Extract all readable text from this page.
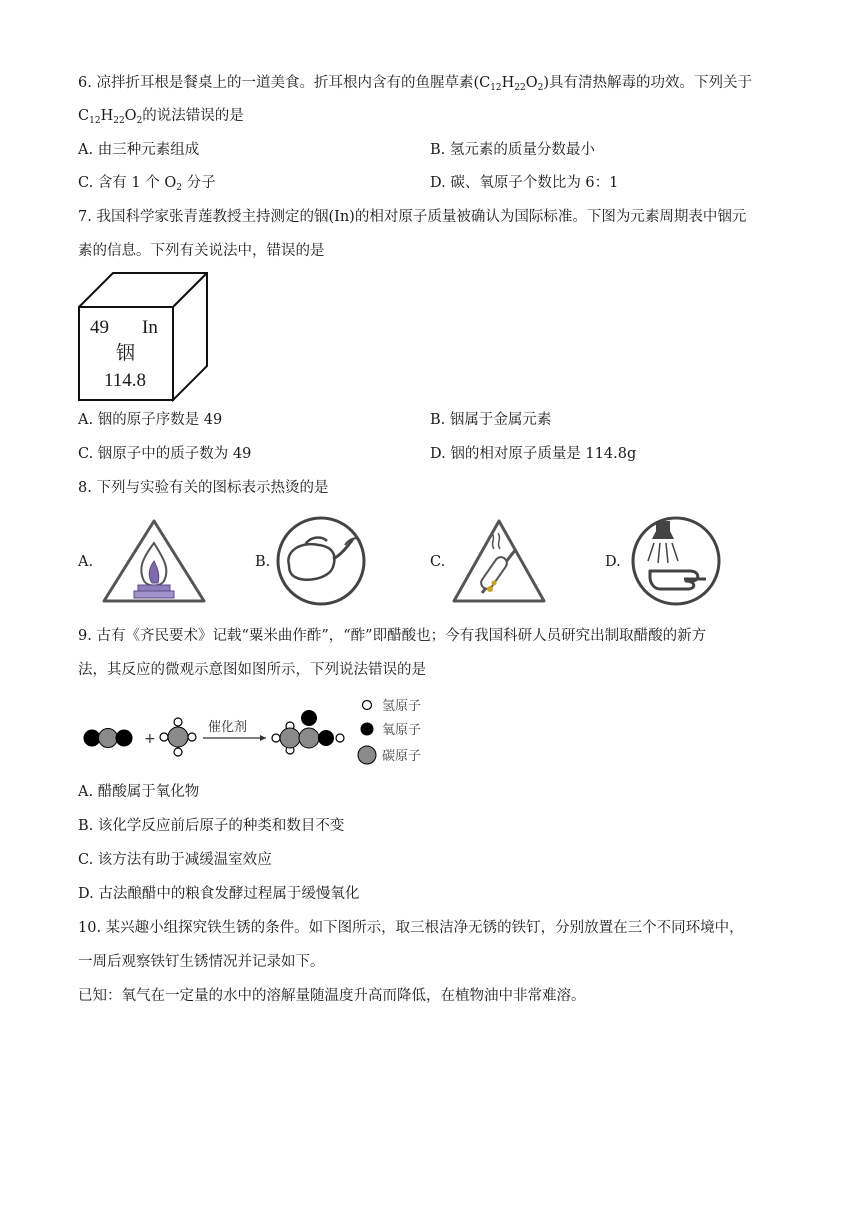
6. 凉拌折耳根是餐桌上的一道美食。折耳根内含有的鱼腥草素$(C_{12}H_{22}O_2)$具有清热解毒的功效。下列关于
$C_{12}H_{22}O_2$的说法错误的是
A. 由三种元素组成	B. 氢元素的质量分数最小
C. 含有 1 个 $O_2$ 分子	D. 碳、氧原子个数比为 6：1
7. 我国科学家张青莲教授主持测定的铟(In)的相对原子质量被确认为国际标准。下图为元素周期表中铟元
素的信息。下列有关说法中，错误的是
49 In
铟
114.8
A. 铟的原子序数是 49	B. 铟属于金属元素
C. 铟原子中的质子数为 49	D. 铟的相对原子质量是 114.8g
8. 下列与实验有关的图标表示热烫的是
A.	B.	C.	D.
9. 古有《齐民要术》记载“粟米曲作酢”，“酢”即醋酸也；今有我国科研人员研究出制取醋酸的新方
法，其反应的微观示意图如图所示，下列说法错误的是
+
催化剂
氢原子
氧原子
碳原子
A. 醋酸属于氧化物
B. 该化学反应前后原子的种类和数目不变
C. 该方法有助于减缓温室效应
D. 古法酿醋中的粮食发酵过程属于缓慢氧化
10. 某兴趣小组探究铁生锈的条件。如下图所示，取三根洁净无锈的铁钉，分别放置在三个不同环境中，
一周后观察铁钉生锈情况并记录如下。
已知：氧气在一定量的水中的溶解量随温度升高而降低，在植物油中非常难溶。
